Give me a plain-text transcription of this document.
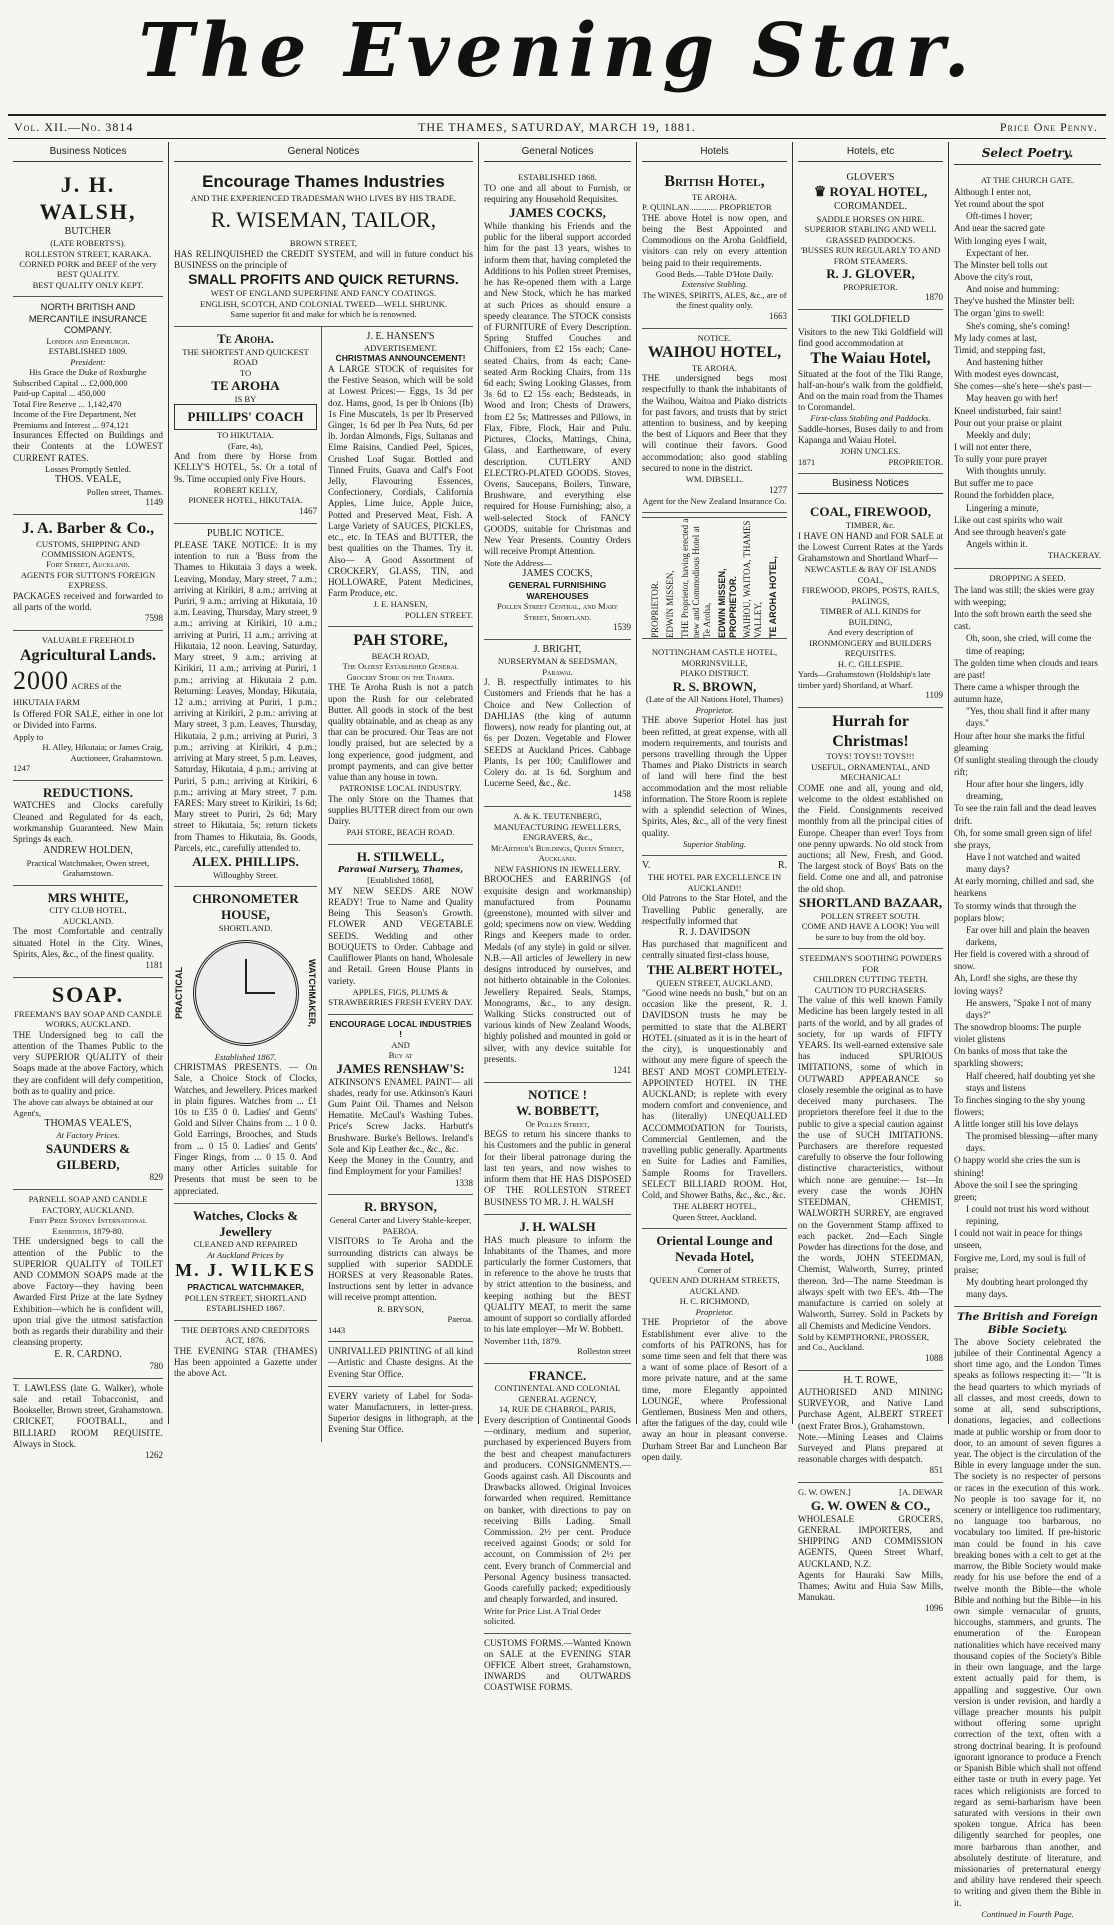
The Evening Star.
Vol. XII.—No. 3814	THE THAMES, SATURDAY, MARCH 19, 1881.	Price One Penny.
Business Notices
J. H. WALSH,
BUTCHER
(LATE ROBERTS'S).
ROLLESTON STREET, KARAKA.
CORNED PORK and BEEF of the very BEST QUALITY.
BEST QUALITY ONLY KEPT.
NORTH BRITISH AND MERCANTILE INSURANCE COMPANY.
London and Edinburgh.
ESTABLISHED 1809.
President:
His Grace the Duke of Roxburghe
Subscribed Capital ... £2,000,000
Paid-up Capital ... 450,000
Total Fire Reserve ... 1,142,470
Income of the Fire Department, Net Premiums and Interest ... 974,121
Insurances Effected on Buildings and their Contents at the LOWEST CURRENT RATES.
Losses Promptly Settled.
THOS. VEALE,
Pollen street, Thames.
1149
J. A. Barber & Co.,
CUSTOMS, SHIPPING AND COMMISSION AGENTS,
Fort Street, Auckland.
AGENTS FOR SUTTON'S FOREIGN EXPRESS.
PACKAGES received and forwarded to all parts of the world.
7598
VALUABLE FREEHOLD
Agricultural Lands.
2000 ACRES of the HIKUTAIA FARM
Is Offered FOR SALE, either in one lot or Divided into Farms.
Apply to
H. Alley, Hikutaia; or James Craig, Auctioneer, Grahamstown.
1247
REDUCTIONS.
WATCHES and Clocks carefully Cleaned and Regulated for 4s each, workmanship Guaranteed. New Main Springs 4s each.
ANDREW HOLDEN,
Practical Watchmaker, Owen street, Grahamstown.
MRS WHITE,
CITY CLUB HOTEL,
AUCKLAND.
The most Comfortable and centrally situated Hotel in the City. Wines, Spirits, Ales, &c., of the finest quality.
1181
SOAP.
FREEMAN'S BAY SOAP AND CANDLE WORKS, AUCKLAND.
THE Undersigned beg to call the attention of the Thames Public to the very SUPERIOR QUALITY of their Soaps made at the above Factory, which they are confident will defy competition, both as to quality and price.
The above can always be obtained at our Agent's,
THOMAS VEALE'S,
At Factory Prices.
SAUNDERS & GILBERD,
829
PARNELL SOAP AND CANDLE FACTORY, AUCKLAND.
First Prize Sydney International Exhibition, 1879-80.
THE undersigned begs to call the attention of the Public to the SUPERIOR QUALITY of TOILET AND COMMON SOAPS made at the above Factory—they having been Awarded First Prize at the late Sydney Exhibition—which he is confident will, upon trial give the utmost satisfaction both as regards their durability and their cleansing property.
E. R. CARDNO.
780
T. LAWLESS (late G. Walker), whole sale and retail Tobacconist, and Bookseller, Brown street, Grahamstown. CRICKET, FOOTBALL, and BILLIARD ROOM REQUISITE. Always in Stock.
1262
General Notices
Encourage Thames Industries
AND THE EXPERIENCED TRADESMAN WHO LIVES BY HIS TRADE.
R. WISEMAN, TAILOR,
BROWN STREET,
HAS RELINQUISHED the CREDIT SYSTEM, and will in future conduct his BUSINESS on the principle of
SMALL PROFITS AND QUICK RETURNS.
WEST OF ENGLAND SUPERFINE AND FANCY COATINGS.
ENGLISH, SCOTCH, AND COLONIAL TWEED—WELL SHRUNK.
Same superior fit and make for which he is renowned.
Te Aroha.
THE SHORTEST AND QUICKEST ROAD
TO
TE AROHA
IS BY
PHILLIPS' COACH
TO HIKUTAIA.
(Fare, 4s),
And from there by Horse from KELLY'S HOTEL, 5s. Or a total of 9s. Time occupied only Five Hours.
ROBERT KELLY,
PIONEER HOTEL, HIKUTAIA.
1467
PUBLIC NOTICE.
PLEASE TAKE NOTICE: It is my intention to run a 'Buss from the Thames to Hikutaia 3 days a week. Leaving, Monday, Mary street, 7 a.m.; arriving at Kirikiri, 8 a.m.; arriving at Puriri, 9 a.m.; arriving at Hikutaia, 10 a.m. Leaving, Thursday, Mary street, 9 a.m.; arriving at Kirikiri, 10 a.m.; arriving at Puriri, 11 a.m.; arriving at Hikutaia, 12 noon. Leaving, Saturday, Mary street, 9 a.m.; arriving at Kirikiri, 11 a.m.; arriving at Puriri, 1 p.m.; arriving at Hikutaia 2 p.m. Returning: Leaves, Monday, Hikutaia, 12 a.m.; arriving at Puriri, 1 p.m.; arriving at Kirikiri, 2 p.m.: arriving at Mary street, 3 p.m. Leaves, Thursday, Hikutaia, 2 p.m.; arriving at Puriri, 3 p.m.; arriving at Kirikiri, 4 p.m.; arriving at Mary street, 5 p.m. Leaves, Saturday, Hikutaia, 4 p.m.; arriving at Puriri, 5 p.m.; arriving at Kirikiri, 6 p.m.; arriving at Mary street, 7 p.m. FARES: Mary street to Kirikiri, 1s 6d; Mary street to Puriri, 2s 6d; Mary street to Hikutaia, 5s; return tickets from Thames to Hikutaia, 8s. Goods, Parcels, etc., carefully attended to.
ALEX. PHILLIPS.
Willoughby Street.
CHRONOMETER HOUSE,
SHORTLAND.
PRACTICAL	WATCHMAKER,
Established 1867.
CHRISTMAS PRESENTS. — On Sale, a Choice Stock of Clocks, Watches, and Jewellery. Prices marked in plain figures. Watches from ... £1 10s to £35 0 0. Ladies' and Gents' Gold and Silver Chains from ... 1 0 0. Gold Earrings, Brooches, and Studs from ... 0 15 0. Ladies' and Gents' Finger Rings, from ... 0 15 0. And many other Articles suitable for Presents that must be seen to be appreciated.
Watches, Clocks & Jewellery
CLEANED AND REPAIRED
At Auckland Prices by
M. J. WILKES
PRACTICAL WATCHMAKER,
POLLEN STREET, SHORTLAND
ESTABLISHED 1867.
THE DEBTORS AND CREDITORS ACT, 1876.
THE EVENING STAR (THAMES) Has been appointed a Gazette under the above Act.
J. E. HANSEN'S
ADVERTISEMENT.
CHRISTMAS ANNOUNCEMENT!
A LARGE STOCK of requisites for the Festive Season, which will be sold at Lowest Prices:— Eggs, 1s 3d per doz. Hams, good, 1s per lb Onions (Ib) 1s Fine Muscatels, 1s per lb Preserved Ginger, 1s 6d per lb Pea Nuts, 6d per lb. Jordan Almonds, Figs, Sultanas and Elme Raisins, Candied Peel, Spices, Crushed Loaf Sugar. Bottled and Tinned Fruits, Guava and Calf's Foot Jelly, Flavouring Essences, Confectionery, Cordials, California Apples, Lime Juice, Apple Juice, Potted and Preserved Meat, Fish. A Large Variety of SAUCES, PICKLES, etc., etc. In TEAS and BUTTER, the best qualities on the Thames. Try it. Also— A Good Assortment of CROCKERY, GLASS, TIN, and HOLLOWARE, Patent Medicines, Farm Produce, etc.
J. E. HANSEN,
POLLEN STREET.
PAH STORE,
BEACH ROAD,
The Oldest Established General Grocery Store on the Thames.
THE Te Aroha Rush is not a patch upon the Rush for our celebrated Butter. All goods in stock of the best quality obtainable, and as cheap as any that can be procured. Our Teas are not loudly praised, but are selected by a long experience, good judgment, and prompt payments, and can give better value than any house in town.
PATRONISE LOCAL INDUSTRY.
The only Store on the Thames that supplies BUTTER direct from our own Dairy.
PAH STORE, BEACH ROAD.
H. STILWELL,
Parawai Nursery, Thames,
[Established 1868],
MY NEW SEEDS ARE NOW READY! True to Name and Quality Being This Season's Growth. FLOWER AND VEGETABLE SEEDS. Wedding and other BOUQUETS to Order. Cabbage and Cauliflower Plants on hand, Wholesale and Retail. Green House Plants in variety.
APPLES, FIGS, PLUMS & STRAWBERRIES FRESH EVERY DAY.
ENCOURAGE LOCAL INDUSTRIES !
AND
Buy at
JAMES RENSHAW'S:
ATKINSON'S ENAMEL PAINT— all shades, ready for use. Atkinson's Kauri Gum Paint Oil. Thames and Nelson Hematite. McCaul's Washing Tubes. Price's Screw Jacks. Harbutt's Brushware. Burke's Bellows. Ireland's Sole and Kip Leather &c., &c., &c.
Keep the Money in the Country, and find Employment for your Families!
1338
R. BRYSON,
General Carter and Livery Stable-keeper, PAEROA.
VISITORS to Te Aroha and the surrounding districts can always be supplied with superior SADDLE HORSES at very Reasonable Rates. Instructions sent by letter in advance will receive prompt attention.
R. BRYSON,
Paeroa.
1443
UNRIVALLED PRINTING of all kind —Artistic and Chaste designs. At the Evening Star Office.
EVERY variety of Label for Soda-water Manufacturers, in letter-press. Superior designs in lithograph, at the Evening Star Office.
General Notices
ESTABLISHED 1868.
TO one and all about to Furnish, or requiring any Household Requisites.
JAMES COCKS,
While thanking his Friends and the public for the liberal support accorded him for the past 13 years, wishes to inform them that, having completed the Additions to his Pollen street Premises, he has Re-opened them with a Large and New Stock, which he has marked at such Prices as should ensure a speedy clearance. The STOCK consists of FURNITURE of Every Description. Spring Stuffed Couches and Chiffoniers, from £2 15s each; Cane-seated Chairs, from 4s each; Cane-seated Arm Rocking Chairs, from 11s 6d each; Swing Looking Glasses, from 3s 6d to £2 15s each; Bedsteads, in Wood and Iron; Chests of Drawers, from £2 5s; Mattresses and Pillows, in Flax, Fibre, Flock, Hair and Pulu. Pictures, Clocks, Mattings, China, Glass, and Earthenware, of every description. CUTLERY AND ELECTRO-PLATED GOODS. Stoves, Ovens, Saucepans, Boilers, Tinware, Brushware, and everything else required for House Furnishing; also, a well-selected Stock of FANCY GOODS, suitable for Christmas and New Year Presents. Country Orders will receive Prompt Attention.
Note the Address—
JAMES COCKS,
GENERAL FURNISHING WAREHOUSES
Pollen Street Central, and Mary Street, Shortland.
1539
J. BRIGHT,
NURSERYMAN & SEEDSMAN,
Parawai.
J. B. respectfully intimates to his Customers and Friends that he has a Choice and New Collection of DAHLIAS (the king of autumn flowers), now ready for planting out, at 6s per Dozen. Vegetable and Flower SEEDS at Auckland Prices. Cabbage Plants, 1s per 100; Cauliflower and Colery do. at 1s 6d. Sorghum and Lucerne Seed, &c., &c.
1458
A. & K. TEUTENBERG,
MANUFACTURING JEWELLERS, ENGRAVERS, &c.,
McArthur's Buildings, Queen Street, Auckland.
NEW FASHIONS IN JEWELLERY.
BROOCHES and EARRINGS (of exquisite design and workmanship) manufactured from Pounamu (greenstone), mounted with silver and gold; specimens now on view. Wedding Rings and Keepers made to order. Medals (of any style) in gold or silver. N.B.—All articles of Jewellery in new designs introduced by ourselves, and not hitherto obtainable in the Colonies. Jewellery Repaired. Seals, Stamps, Monograms, &c., to any design. Walking Sticks constructed out of various kinds of New Zealand Woods, highly polished and mounted in gold or silver, with any device suitable for presents.
1241
NOTICE !
W. BOBBETT,
Of Pollen Street,
BEGS to return his sincere thanks to his Customers and the public in general for their liberal patronage during the last ten years, and now wishes to inform them that HE HAS DISPOSED OF THE ROLLESTON STREET BUSINESS TO MR. J. H. WALSH
J. H. WALSH
HAS much pleasure to inform the Inhabitants of the Thames, and more particularly the former Customers, that in reference to the above he trusts that by strict attention to the business, and keeping nothing but the BEST QUALITY MEAT, to merit the same amount of support so cordially afforded to his late employer—Mr W. Bobbett.
November 11th, 1879.
Rolleston street
FRANCE.
CONTINENTAL AND COLONIAL GENERAL AGENCY,
14, RUE DE CHABROL, PARIS,
Every description of Continental Goods—ordinary, medium and superior, purchased by experienced Buyers from the best and cheapest manufacturers and producers. CONSIGNMENTS.—Goods against cash. All Discounts and Drawbacks allowed. Original Invoices forwarded when required. Remittance on banker, with directions to pay on receiving Bills Lading. Small Commission. 2½ per cent. Produce received against Goods; or sold for account, on Commission of 2½ per cent. Every branch of Commercial and Personal Agency business transacted. Goods carefully packed; expeditiously and cheaply forwarded, and insured.
Write for Price List. A Trial Order solicited.
CUSTOMS FORMS.—Wanted Known on SALE at the EVENING STAR OFFICE Albert street, Grahamstown, INWARDS and OUTWARDS COASTWISE FORMS.
Hotels
British Hotel,
TE AROHA.
P. QUINLAN ............ PROPRIETOR
THE above Hotel is now open, and being the Best Appointed and Commodious on the Aroha Goldfield, visitors can rely on every attention being paid to their requirements.
Good Beds.—Table D'Hote Daily.
Extensive Stabling.
The WINES, SPIRITS, ALES, &c., are of the finest quality only.
1663
NOTICE.
WAIHOU HOTEL,
TE AROHA.
THE undersigned begs most respectfully to thank the inhabitants of the Waihou, Waitoa and Piako districts for past favors, and trusts that by strict attention to business, and by keeping the best of Liquors and Beer that they will continue their favors. Good accommodation; also good stabling secured to none in the district.
WM. DIBSELL.
1277
Agent for the New Zealand Insurance Co.
PROPRIETOR. EDWIN MISSEN, THE Proprietor, having erected a new and Commodious Hotel at Te Aroha, EDWIN MISSEN, PROPRIETOR. WAIHOU, WAITOA, THAMES VALLEY, TE AROHA HOTEL,
NOTTINGHAM CASTLE HOTEL,
MORRINSVILLE,
PIAKO DISTRICT.
R. S. BROWN,
(Late of the All Nations Hotel, Thames)
Proprietor.
THE above Superior Hotel has just been refitted, at great expense, with all modern requirements, and tourists and persons travelling through the Upper Thames and Piako Districts in search of land will here find the best accommodation and the most reliable information. The Store Room is replete with a splendid selection of Wines, Spirits, Ales, &c., all of the very finest quality.
Superior Stabling.
V.	R.
THE HOTEL PAR EXCELLENCE IN AUCKLAND!!
Old Patrons to the Star Hotel, and the Travelling Public generally, are respectfully informed that
R. J. DAVIDSON
Has purchased that magnificent and centrally situated first-class house,
THE ALBERT HOTEL,
QUEEN STREET, AUCKLAND.
"Good wine needs no bush," but on an occasion like the present, R. J. DAVIDSON trusts he may be permitted to state that the ALBERT HOTEL (situated as it is in the heart of the city), is unquestionably and without any mere figure of speech the BEST AND MOST COMPLETELY-APPOINTED HOTEL IN THE AUCKLAND; is replete with every modern comfort and convenience, and has (literally) UNEQUALLED ACCOMMODATION for Tourists, Commercial Gentlemen, and the travelling public generally. Apartments en Suite for Ladies and Families, Sample Rooms for Travellers. SELECT BILLIARD ROOM. Hot, Cold, and Shower Baths, &c., &c., &c.
THE ALBERT HOTEL,
Queen Street, Auckland.
Oriental Lounge and Nevada Hotel,
Corner of
QUEEN AND DURHAM STREETS,
AUCKLAND.
H. C. RICHMOND,
Proprietor.
THE Proprietor of the above Establishment ever alive to the comforts of his PATRONS, has for some time seen and felt that there was a want of some place of Resort of a more private nature, and at the same time, more Elegantly appointed LOUNGE, where Professional Gentlemen, Business Men and others, after the fatigues of the day, could wile away an hour in pleasant converse. Durham Street Bar and Luncheon Bar open daily.
Hotels, etc
GLOVER'S
♛ ROYAL HOTEL,
COROMANDEL.
SADDLE HORSES ON HIRE.
SUPERIOR STABLING AND WELL GRASSED PADDOCKS.
'BUSSES RUN REGULARLY TO AND FROM STEAMERS.
R. J. GLOVER,
PROPRIETOR.
1870
TIKI GOLDFIELD
Visitors to the new Tiki Goldfield will find good accommodation at
The Waiau Hotel,
Situated at the foot of the Tiki Range, half-an-hour's walk from the goldfield, And on the main road from the Thames to Coromandel.
First-class Stabling and Paddocks.
Saddle-horses, Buses daily to and from Kapanga and Waiau Hotel.
JOHN UNCLES.
1871	PROPRIETOR.
Business Notices
COAL, FIREWOOD,
TIMBER, &c.
I HAVE ON HAND and FOR SALE at the Lowest Current Rates at the Yards Grahamstown and Shortland Wharf—
NEWCASTLE & BAY OF ISLANDS COAL,
FIREWOOD, PROPS, POSTS, RAILS, PALINGS,
TIMBER of ALL KINDS for BUILDING,
And every description of IRONMONGERY and BUILDERS REQUISITES.
H. C. GILLESPIE.
Yards—Grahamstown (Holdship's late timber yard) Shortland, at Wharf.
1109
Hurrah for Christmas!
TOYS! TOYS!! TOYS!!!
USEFUL, ORNAMENTAL, AND MECHANICAL!
COME one and all, young and old, welcome to the oldest established on the Field. Consignments received monthly from all the principal cities of Europe. Cheaper than ever! Toys from one penny upwards. No old stock from auctions; all New, Fresh, and Good. The largest stock of Boys' Bats on the field. Come one and all, and patronise the old shop.
SHORTLAND BAZAAR,
POLLEN STREET SOUTH.
COME AND HAVE A LOOK! You will be sure to buy from the old boy.
STEEDMAN'S SOOTHING POWDERS
FOR
CHILDREN CUTTING TEETH.
CAUTION TO PURCHASERS.
The value of this well known Family Medicine has been largely tested in all parts of the world, and by all grades of society, for up wards of FIFTY YEARS. Its well-earned extensive sale has induced SPURIOUS IMITATIONS, some of which in OUTWARD APPEARANCE so closely resemble the original as to have deceived many purchasers. The proprietors therefore feel it due to the public to give a special caution against the use of SUCH IMITATIONS. Purchasers are therefore requested carefully to observe the four following distinctive characteristics, without which none are genuine:— 1st—In every case the words JOHN STEEDMAN, CHEMIST, WALWORTH SURREY, are engraved on the Government Stamp affixed to each packet. 2nd—Each Single Powder has directions for the dose, and the words, JOHN STEEDMAN, Chemist, Walworth, Surrey, printed thereon. 3rd—The name Steedman is always spelt with two EE's. 4th—The manufacture is carried on solely at Walworth, Surrey. Sold in Packets by all Chemists and Medicine Vendors.
Sold by KEMPTHORNE, PROSSER, and Co., Auckland.
1088
H. T. ROWE,
AUTHORISED AND MINING SURVEYOR, and Native Land Purchase Agent, ALBERT STREET (next Frater Bros.), Grahamstown.
Note.—Mining Leases and Claims Surveyed and Plans prepared at reasonable charges with despatch.
851
G. W. OWEN.]	[A. DEWAR
G. W. OWEN & CO.,
WHOLESALE GROCERS, GENERAL IMPORTERS, and SHIPPING AND COMMISSION AGENTS, Queen Street Wharf, AUCKLAND, N.Z.
Agents for Hauraki Saw Mills, Thames; Awitu and Huia Saw Mills, Manukau.
1096
Select Poetry.
AT THE CHURCH GATE.
Although I enter not,
Yet round about the spot
Oft-times I hover;
And near the sacred gate
With longing eyes I wait,
Expectant of her.
The Minster bell tolls out
Above the city's rout,
And noise and humming:
They've hushed the Minster bell:
The organ 'gins to swell:
She's coming, she's coming!
My lady comes at last,
Timid, and stepping fast,
And hastening hither
With modest eyes downcast,
She comes—she's here—she's past—
May heaven go with her!
Kneel undisturbed, fair saint!
Pour out your praise or plaint
Meekly and duly;
I will not enter there,
To sully your pure prayer
With thoughts unruly.
But suffer me to pace
Round the forbidden place,
Lingering a minute,
Like out cast spirits who wait
And see through heaven's gate
Angels within it.
THACKERAY.
DROPPING A SEED.
The land was still; the skies were gray with weeping;
Into the soft brown earth the seed she cast.
Oh, soon, she cried, will come the time of reaping;
The golden time when clouds and tears are past!
There came a whisper through the autumn haze,
"Yes, thou shall find it after many days."
Hour after hour she marks the fitful gleaming
Of sunlight stealing through the cloudy rift;
Hour after hour she lingers, idly dreaming,
To see the rain fall and the dead leaves drift.
Oh, for some small green sign of life! she prays,
Have I not watched and waited many days?
At early morning, chilled and sad, she hearkens
To stormy winds that through the poplars blow;
Far over hill and plain the heaven darkens,
Her field is covered with a shroud of snow.
Ah, Lord! she sighs, are these thy loving ways?
He answers, "Spake I not of many days?"
The snowdrop blooms: The purple violet glistens
On banks of moss that take the sparkling showers;
Half cheered, half doubting yet she stays and listens
To finches singing to the shy young flowers;
A little longer still his love delays
The promised blessing—after many days.
O happy world she cries the sun is shining!
Above the soil I see the springing green;
I could not trust his word without repining,
I could not wait in peace for things unseen,
Forgive me, Lord, my soul is full of praise;
My doubting heart prolonged thy many days.
The British and Foreign Bible Society.
The above Society celebrated the jubilee of their Continental Agency a short time ago, and the London Times speaks as follows respecting it:— "It is the head quarters to which myriads of all classes, and most creeds, down to some at all, send subscriptions, donations, legacies, and collections made at public worship or from door to door, to an amount of seven figures a year. The object is the circulation of the Bible in every language under the sun. The society is no respecter of persons or races in the execution of this work. No people is too savage for it, no scenery or intelligence too rudimentary, no language too barbarous, no vocabulary too limited. If pre-historic man could be found in his cave breaking bones with a celt to get at the marrow, the Bible Society would make ready for his use before the end of a twelve month the Bible—the whole Bible and nothing but the Bible—in his own simple vernacular of grunts, hiccoughs, stammers, and grunts. The enumeration of the European nationalities which have received many thousand copies of the Society's Bible in their own language, and the large extent actually paid for them, is appalling and suggestive. Our own version is under revision, and hardly a village preacher mounts his pulpit without offering some upright correction of the text, often with a strong doctrinal bearing. It is profound ignorant ignorance to produce a French or Spanish Bible which shall not offend either taste or truth in every page. Yet races which religionists are forced to regard as semi-barbarism have been saturated with versions in their own spoken tongue. Africa has been diligently searched for peoples, one more barbarous than another, and absolutely destitute of literature, and missionaries of preternatural energy and ability have rendered their speech to writing and given them the Bible in it.
Continued in Fourth Page.
